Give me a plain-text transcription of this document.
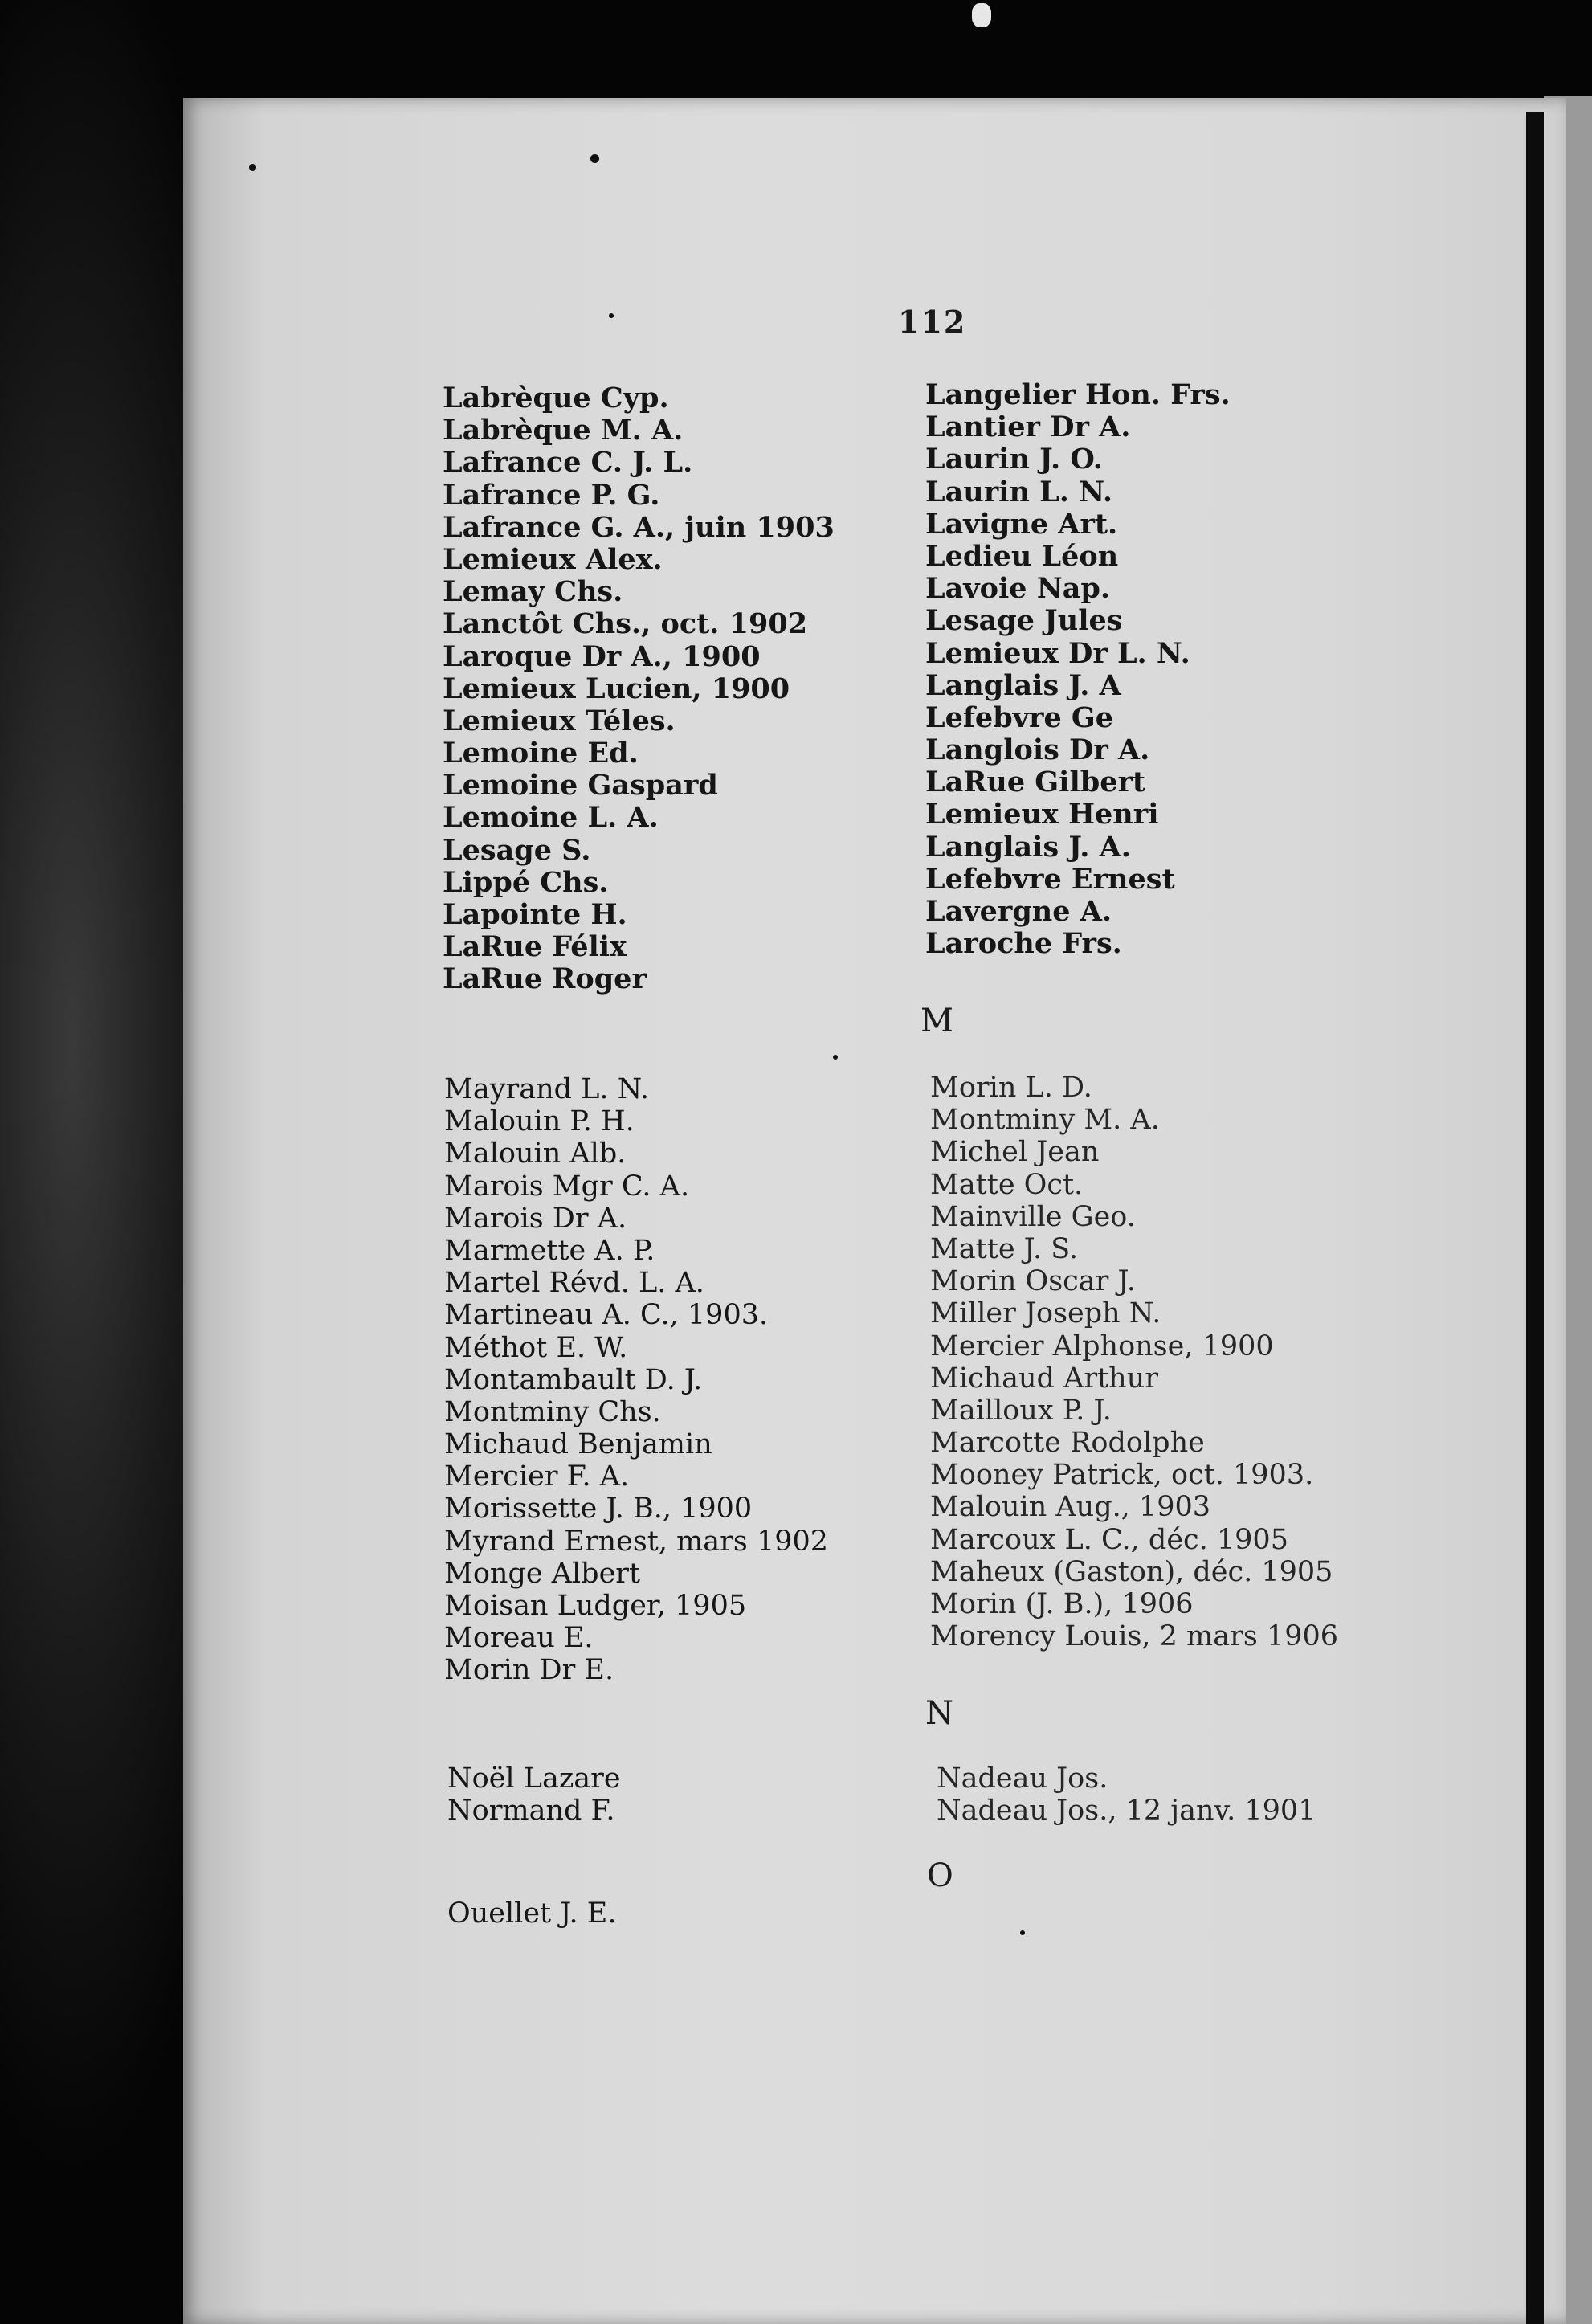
112
Labrèque Cyp.
Labrèque M. A.
Lafrance C. J. L.
Lafrance P. G.
Lafrance G. A., juin 1903
Lemieux Alex.
Lemay Chs.
Lanctôt Chs., oct. 1902
Laroque Dr A., 1900
Lemieux Lucien, 1900
Lemieux Téles.
Lemoine Ed.
Lemoine Gaspard
Lemoine L. A.
Lesage S.
Lippé Chs.
Lapointe H.
LaRue Félix
LaRue Roger
Langelier Hon. Frs.
Lantier Dr A.
Laurin J. O.
Laurin L. N.
Lavigne Art.
Ledieu Léon
Lavoie Nap.
Lesage Jules
Lemieux Dr L. N.
Langlais J. A
Lefebvre Ge
Langlois Dr A.
LaRue Gilbert
Lemieux Henri
Langlais J. A.
Lefebvre Ernest
Lavergne A.
Laroche Frs.
M
Mayrand L. N.
Malouin P. H.
Malouin Alb.
Marois Mgr C. A.
Marois Dr A.
Marmette A. P.
Martel Révd. L. A.
Martineau A. C., 1903.
Méthot E. W.
Montambault D. J.
Montminy Chs.
Michaud Benjamin
Mercier F. A.
Morissette J. B., 1900
Myrand Ernest, mars 1902
Monge Albert
Moisan Ludger, 1905
Moreau E.
Morin Dr E.
Morin L. D.
Montminy M. A.
Michel Jean
Matte Oct.
Mainville Geo.
Matte J. S.
Morin Oscar J.
Miller Joseph N.
Mercier Alphonse, 1900
Michaud Arthur
Mailloux P. J.
Marcotte Rodolphe
Mooney Patrick, oct. 1903.
Malouin Aug., 1903
Marcoux L. C., déc. 1905
Maheux (Gaston), déc. 1905
Morin (J. B.), 1906
Morency Louis, 2 mars 1906
N
Noël Lazare
Normand F.
Nadeau Jos.
Nadeau Jos., 12 janv. 1901
O
Ouellet J. E.
